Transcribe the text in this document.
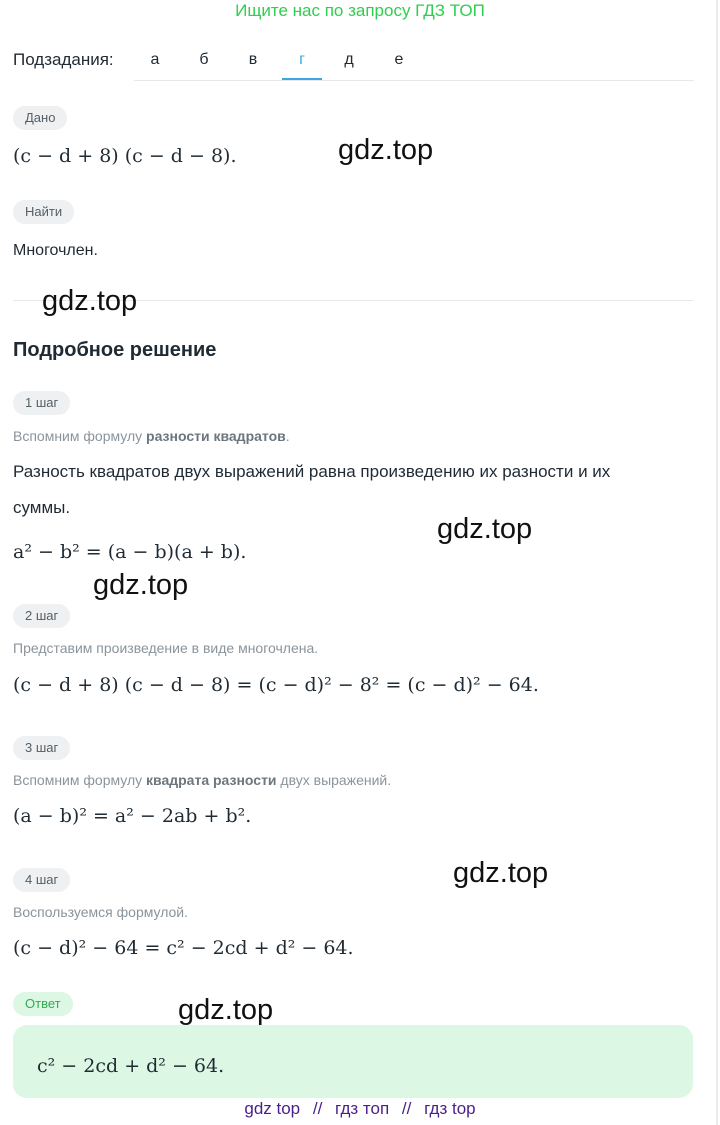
Ищите нас по запросу ГДЗ ТОП
Подзадания:	а	б	в	г	д	е
Дано
(c − d + 8) (c − d − 8).
Найти
Многочлен.
Подробное решение
1 шаг
Вспомним формулу разности квадратов.
Разность квадратов двух выражений равна произведению их разности и их
суммы.
a² − b² = (a − b)(a + b).
2 шаг
Представим произведение в виде многочлена.
(c − d + 8) (c − d − 8) = (c − d)² − 8² = (c − d)² − 64.
3 шаг
Вспомним формулу квадрата разности двух выражений.
(a − b)² = a² − 2ab + b².
4 шаг
Воспользуемся формулой.
(c − d)² − 64 = c² − 2cd + d² − 64.
Ответ
c² − 2cd + d² − 64.
gdz.top
gdz.top
gdz.top
gdz.top
gdz.top
gdz.top
gdz top // гдз топ // гдз top
